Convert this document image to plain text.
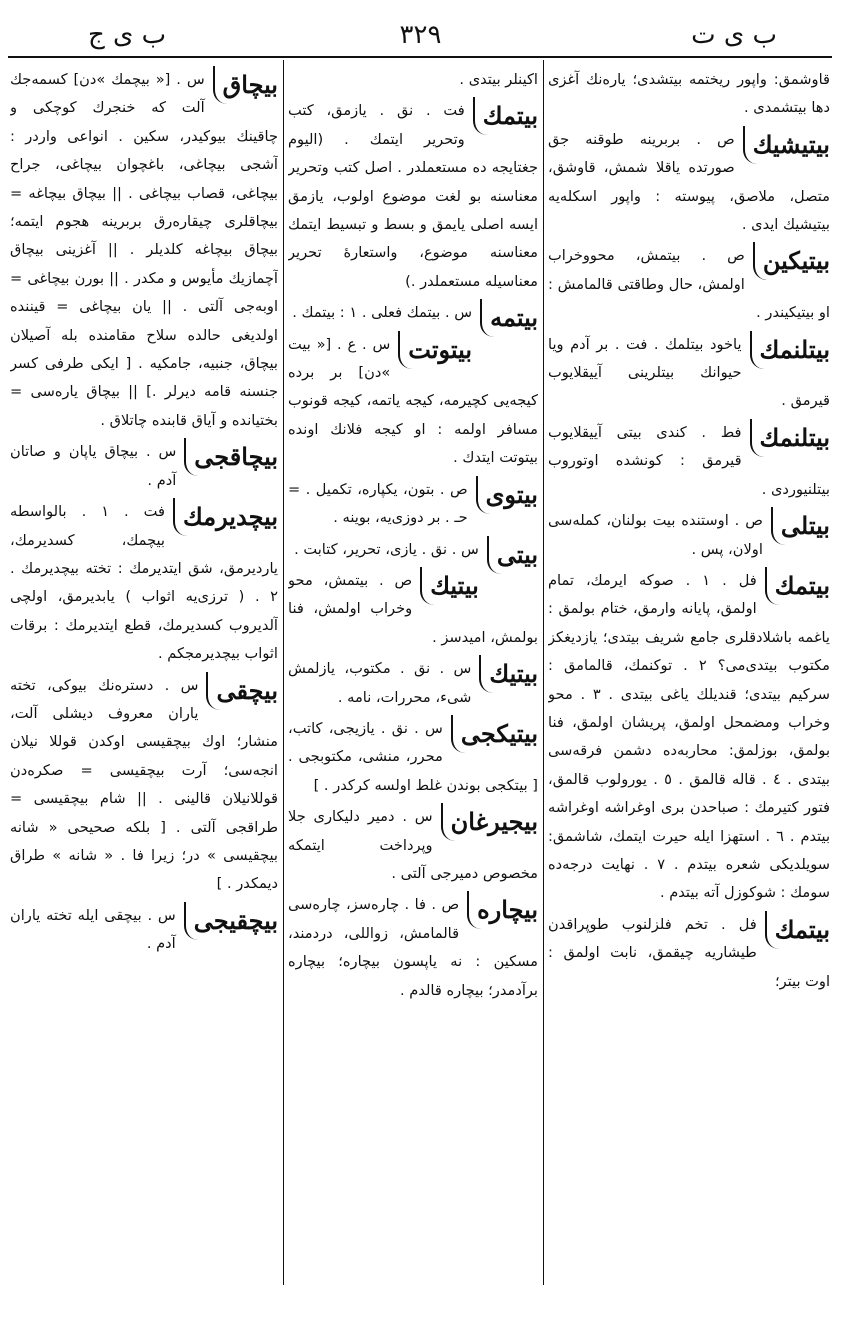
ب ى ت
٣٢٩
ب ى ج
قاوشمق: واپور ریختمه بیتشدی؛ یاره‌نك آغزی دها بیتشمدی .
بیتیشیك
ص . بربرینه طوقنه جق صورتده یاقلا شمش، قاوشق، متصل، ملاصق، پیوسته : واپور اسکله‌یه بیتیشیك ایدی .
بیتیكین
ص . بیتمش، محووخراب اولمش، حال وطاقتی قالمامش : او بیتیکیندر .
بیتلنمك
یاخود بیتلمك . فت . بر آدم ویا حیوانك بیتلرینی آییقلایوب قیرمق .
بیتلنمك
فط . کندی بیتی آییقلایوب قیرمق : کونشده اوتوروب بیتلنیوردی .
بیتلی
ص . اوستنده بیت بولنان، کمله‌سی اولان، پس .
بیتمك
فل . ١ . صوکه ایرمك، تمام اولمق، پایانه وارمق، ختام بولمق : یاغمه باشلادقلری جامع شریف بیتدی؛ یازدیغکز مکتوب بیتدی‌می؟ ٢ . توکنمك، قالمامق : سرکیم بیتدی؛ قندیلك یاغی بیتدی . ٣ . محو وخراب ومضمحل اولمق، پریشان اولمق، فنا بولمق، بوزلمق: محاربه‌ده دشمن فرقه‌سی بیتدی . ٤ . قاله قالمق . ٥ . یورولوب قالمق، فتور کتیرمك : صباحدن بری اوغراشه اوغراشه بیتدم . ٦ . استهزا ایله حیرت ایتمك، شاشمق: سویلدیکی شعره بیتدم . ٧ . نهایت درجه‌ده سومك : شوکوزل آته بیتدم .
بیتمك
فل . تخم فلزلنوب طوپراقدن طیشاریه چیقمق، نابت اولمق : اوت بیتر؛
اکینلر بیتدی .
بیتمك
فت . نق . یازمق، کتب وتحریر ایتمك . (الیوم جغتایجه ده مستعملدر . اصل کتب وتحریر معناسنه بو لغت موضوع اولوب، یازمق ایسه اصلی یایمق و بسط و تبسیط ایتمك معناسنه موضوع، واستعارهٔ تحریر معناسیله مستعملدر .)
بیتمه
س . بیتمك فعلی . ١ : بیتمك .
بیتوتت
س . ع . [« بیت »دن] بر برده کیجه‌یی کچیرمه، کیجه یاتمه، کیجه قونوب مسافر اولمه : او کیجه فلانك اونده بیتوتت ایتدك .
بیتوی
ص . بتون، یکپاره، تکمیل . = حـ . بر دوزی‌یه، بوینه .
بیتی
س . نق . یازی، تحریر، کتابت .
بیتیك
ص . بیتمش، محو وخراب اولمش، فنا بولمش، امیدسز .
بیتیك
س . نق . مکتوب، یازلمش شیء، محررات، نامه .
بیتیکجی
س . نق . یازیجی، کاتب، محرر، منشی، مکتوبجی . [ بیتکجی بوندن غلط اولسه کرکدر . ]
بیجیرغان
س . دمیر دلیکاری جلا وپرداخت ایتمکه مخصوص دمیرجی آلتی .
بیچاره
ص . فا . چاره‌سز، چاره‌سی قالمامش، زواللی، دردمند، مسکین : نه یاپسون بیچاره؛ بیچاره برآدمدر؛ بیچاره قالدم .
بیچاق
س . [« بیچمك »دن] کسمه‌جك آلت که خنجرك کوچکی و چاقینك بیوکیدر، سکین . انواعی واردر : آشجی بیچاغی، باغچوان بیچاغی، جراح بیچاغی، قصاب بیچاغی . || بیچاق بیچاغه = بیچاقلری چیقاره‌رق بربرینه هجوم ایتمه؛ بیچاق بیچاغه کلدیلر . || آغزینی بیچاق آچمازیك مأیوس و مکدر . || بورن بیچاغی = اوبه‌جی آلتی . || یان بیچاغی = قیننده اولدیغی حالده سلاح مقامنده بله آصیلان بیچاق، جنبیه، جامکیه . [ ایکی طرفی کسر جنسنه قامه دیرلر .] || بیچاق یاره‌سی = بختیانده و آیاق قابنده چاتلاق .
بیچاقجی
س . بیچاق یاپان و صاتان آدم .
بیچدیرمك
فت . ١ . بالواسطه بیچمك، کسدیرمك، یاردیرمق، شق ایتدیرمك : تخته بیچدیرمك . ٢ . ( ترزی‌یه اثواب ) یابدیرمق، اولچی آلدیروب کسدیرمك، قطع ایتدیرمك : برقات اثواب بیچدیرمجکم .
بیچقی
س . دستره‌نك بیوکی، تخته یاران معروف دیشلی آلت، منشار؛ اوك بیچقیسی اوکدن قوللا نیلان انجه‌سی؛ آرت بیچقیسی = صکره‌دن قوللانیلان قالینی . || شام بیچقیسی = طراقجی آلتی . [ بلکه صحیحی « شانه بیچقیسی » در؛ زیرا فا . « شانه » طراق دیمکدر . ]
بیچقیجی
س . بیچقی ایله تخته یاران آدم .
